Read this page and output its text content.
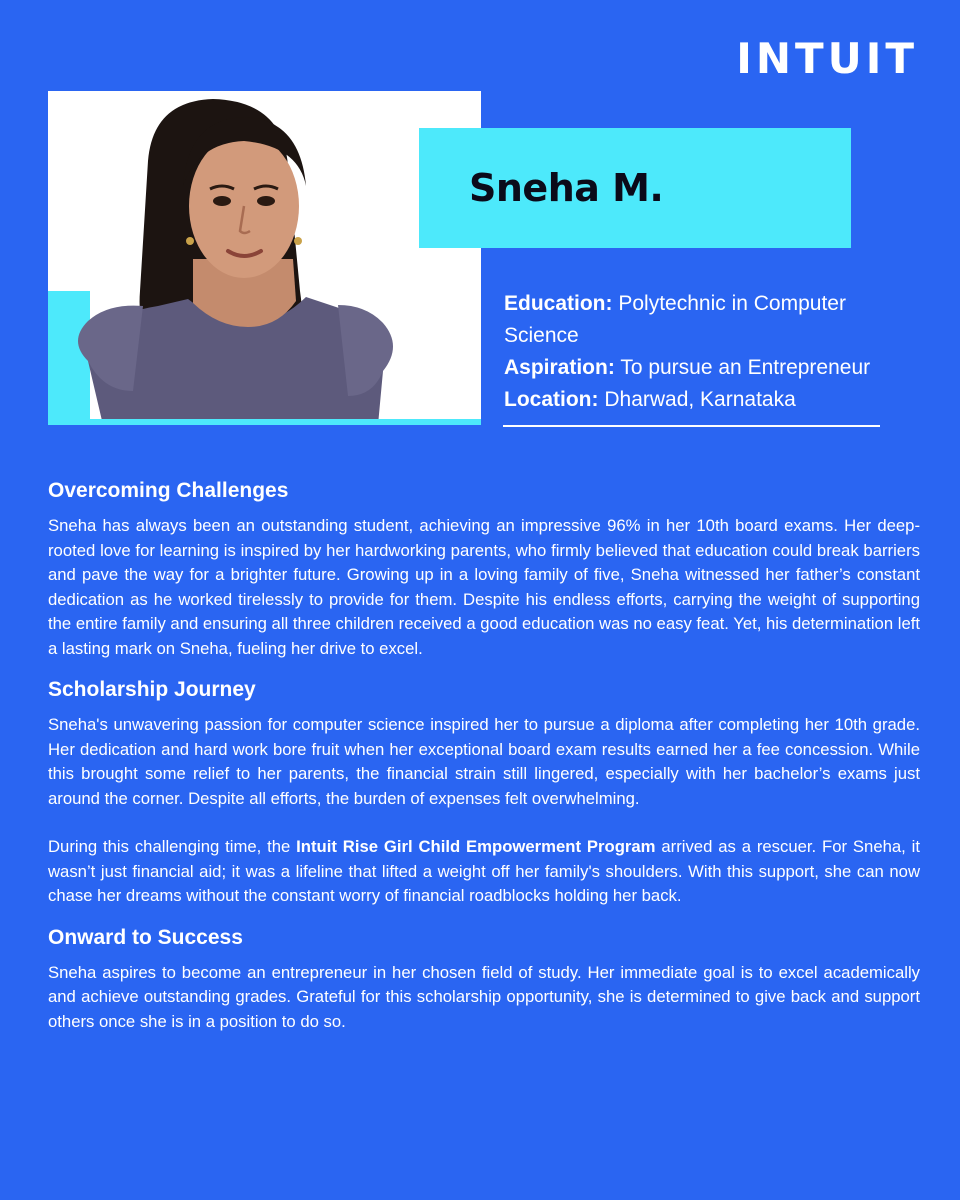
INTUIT
Sneha M.
Education: Polytechnic in Computer Science
Aspiration: To pursue an Entrepreneur
Location: Dharwad, Karnataka
Overcoming Challenges

Sneha has always been an outstanding student, achieving an impressive 96% in her 10th board exams. Her deep-rooted love for learning is inspired by her hardworking parents, who firmly believed that education could break barriers and pave the way for a brighter future. Growing up in a loving family of five, Sneha witnessed her father’s constant dedication as he worked tirelessly to provide for them. Despite his endless efforts, carrying the weight of supporting the entire family and ensuring all three children received a good education was no easy feat. Yet, his determination left a lasting mark on Sneha, fueling her drive to excel.

Scholarship Journey

Sneha's unwavering passion for computer science inspired her to pursue a diploma after completing her 10th grade. Her dedication and hard work bore fruit when her exceptional board exam results earned her a fee concession. While this brought some relief to her parents, the financial strain still lingered, especially with her bachelor’s exams just around the corner. Despite all efforts, the burden of expenses felt overwhelming.

During this challenging time, the Intuit Rise Girl Child Empowerment Program arrived as a rescuer. For Sneha, it wasn’t just financial aid; it was a lifeline that lifted a weight off her family's shoulders. With this support, she can now chase her dreams without the constant worry of financial roadblocks holding her back.

Onward to Success

Sneha aspires to become an entrepreneur in her chosen field of study. Her immediate goal is to excel academically and achieve outstanding grades. Grateful for this scholarship opportunity, she is determined to give back and support others once she is in a position to do so.
